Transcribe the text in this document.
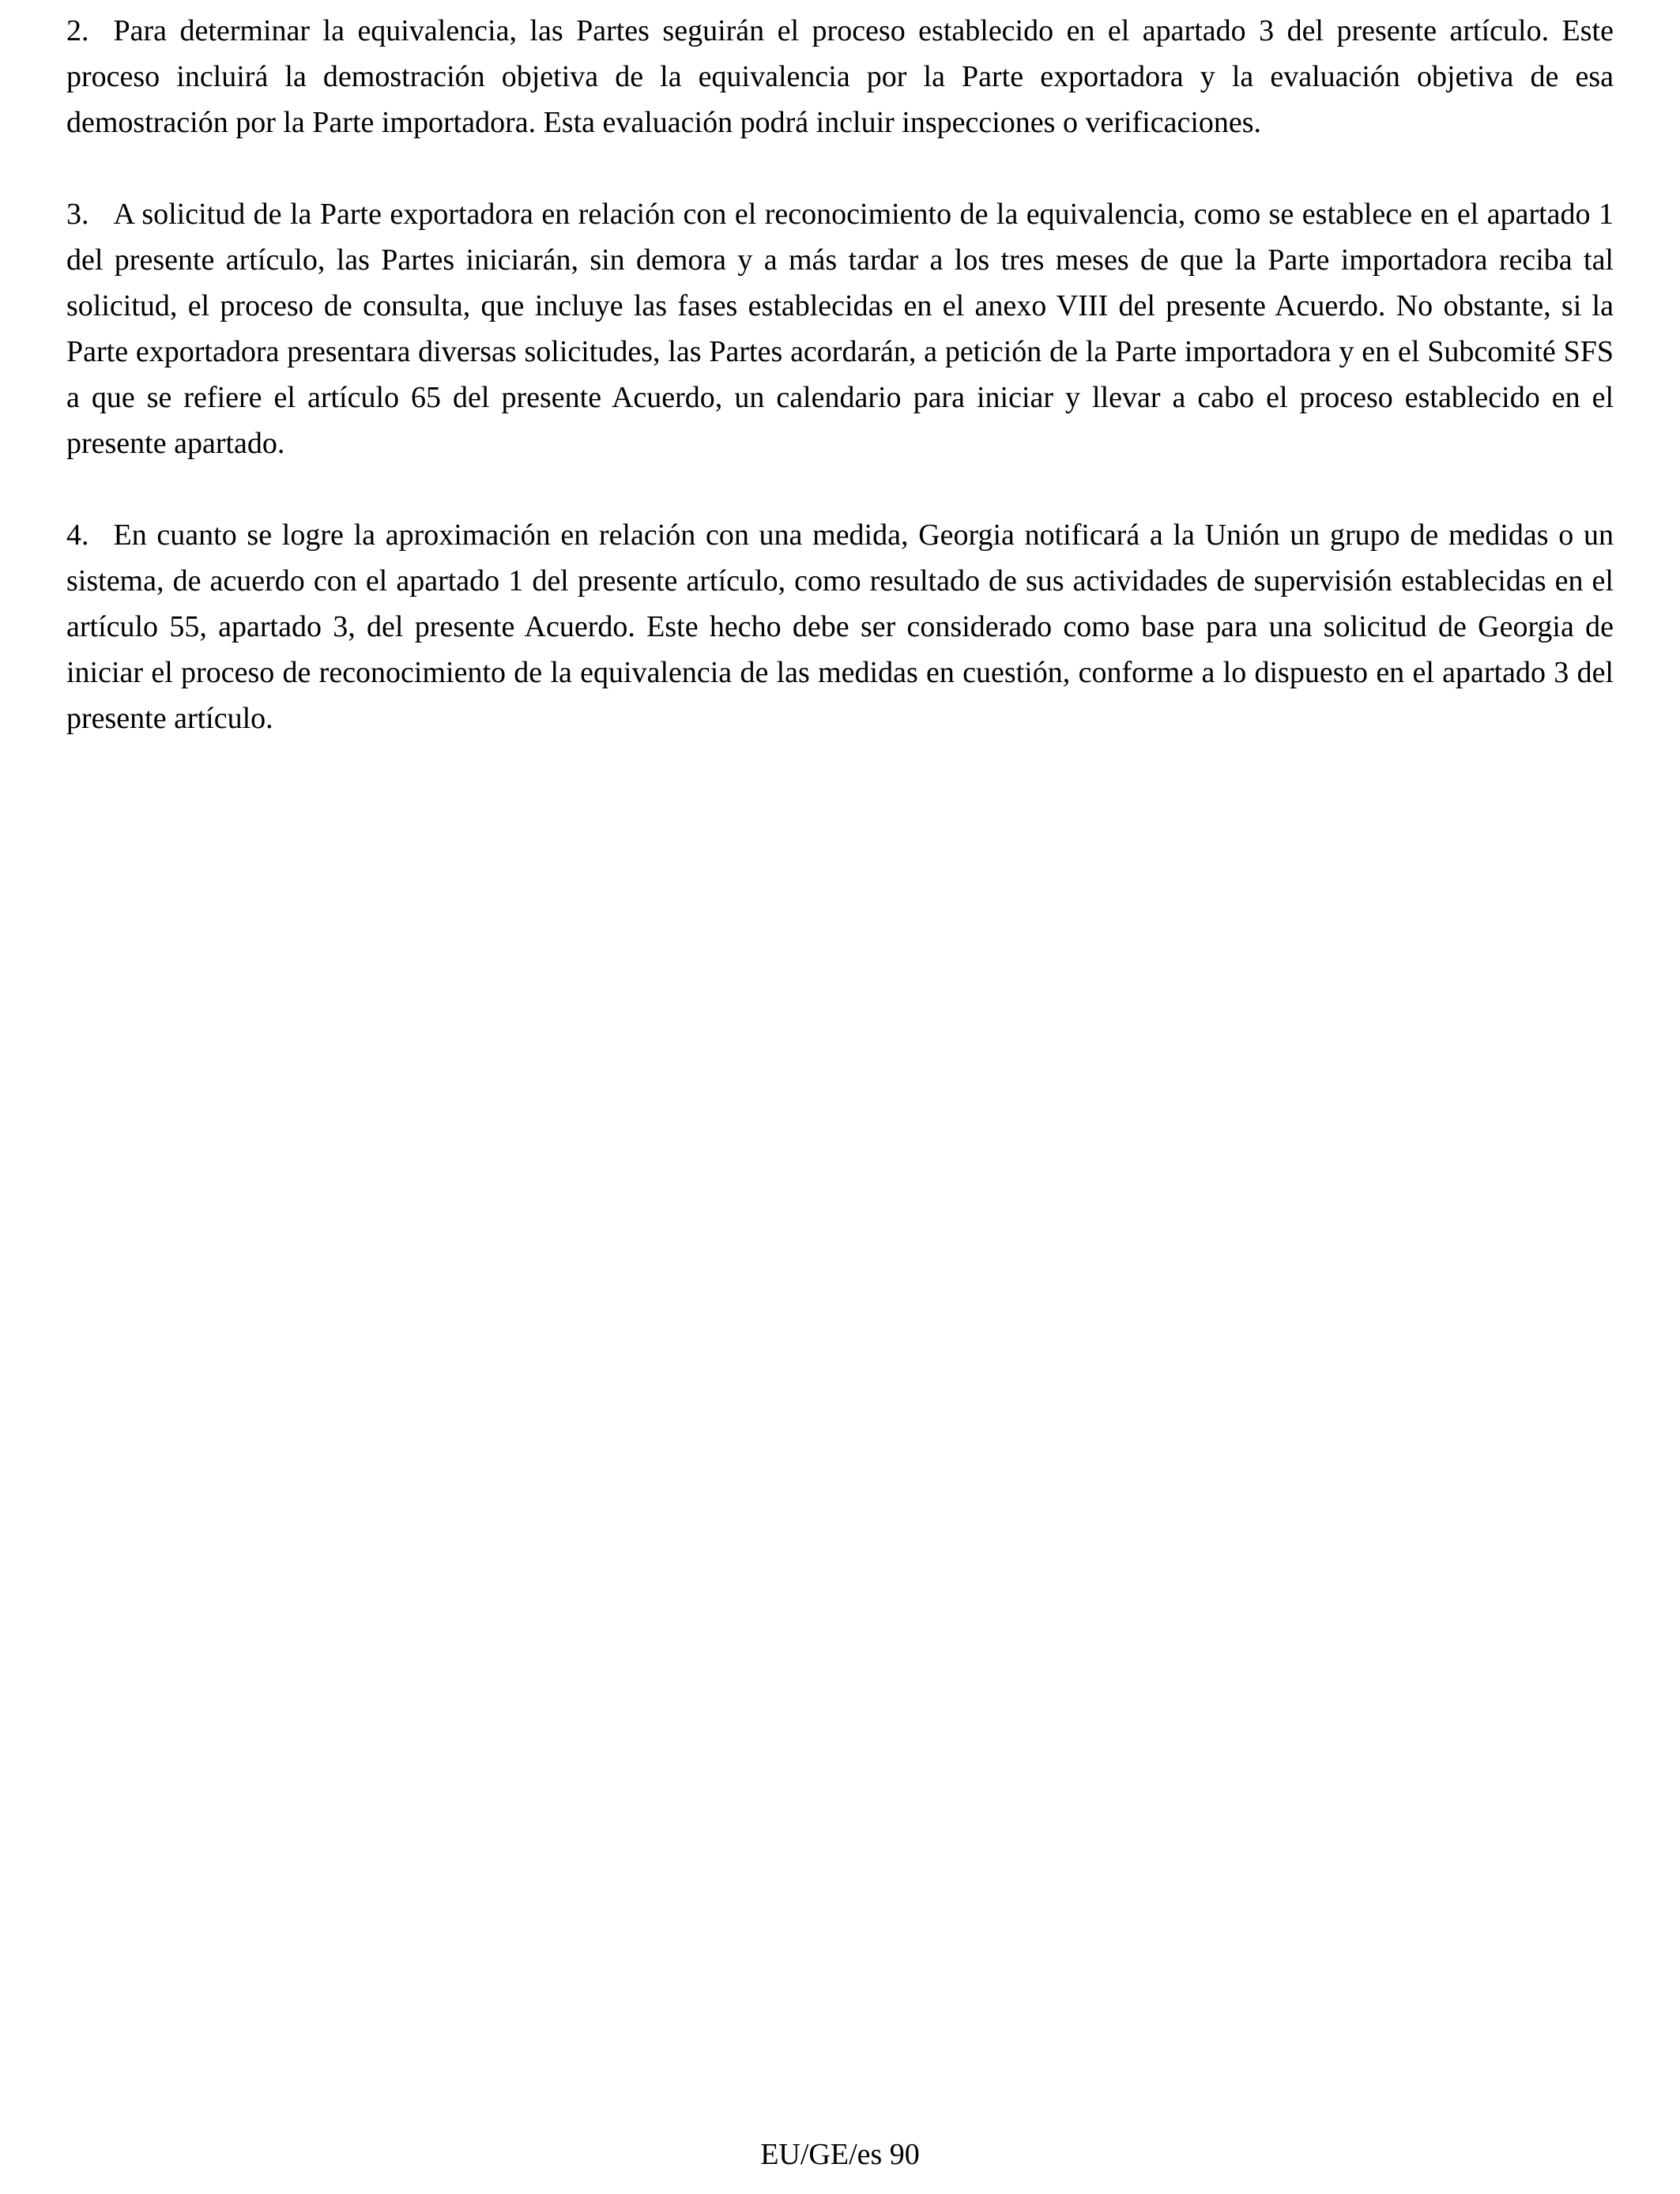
2. Para determinar la equivalencia, las Partes seguirán el proceso establecido en el apartado 3 del presente artículo. Este proceso incluirá la demostración objetiva de la equivalencia por la Parte exportadora y la evaluación objetiva de esa demostración por la Parte importadora. Esta evaluación podrá incluir inspecciones o verificaciones.

3. A solicitud de la Parte exportadora en relación con el reconocimiento de la equivalencia, como se establece en el apartado 1 del presente artículo, las Partes iniciarán, sin demora y a más tardar a los tres meses de que la Parte importadora reciba tal solicitud, el proceso de consulta, que incluye las fases establecidas en el anexo VIII del presente Acuerdo. No obstante, si la Parte exportadora presentara diversas solicitudes, las Partes acordarán, a petición de la Parte importadora y en el Subcomité SFS a que se refiere el artículo 65 del presente Acuerdo, un calendario para iniciar y llevar a cabo el proceso establecido en el presente apartado.

4. En cuanto se logre la aproximación en relación con una medida, Georgia notificará a la Unión un grupo de medidas o un sistema, de acuerdo con el apartado 1 del presente artículo, como resultado de sus actividades de supervisión establecidas en el artículo 55, apartado 3, del presente Acuerdo. Este hecho debe ser considerado como base para una solicitud de Georgia de iniciar el proceso de reconocimiento de la equivalencia de las medidas en cuestión, conforme a lo dispuesto en el apartado 3 del presente artículo.

EU/GE/es 90
